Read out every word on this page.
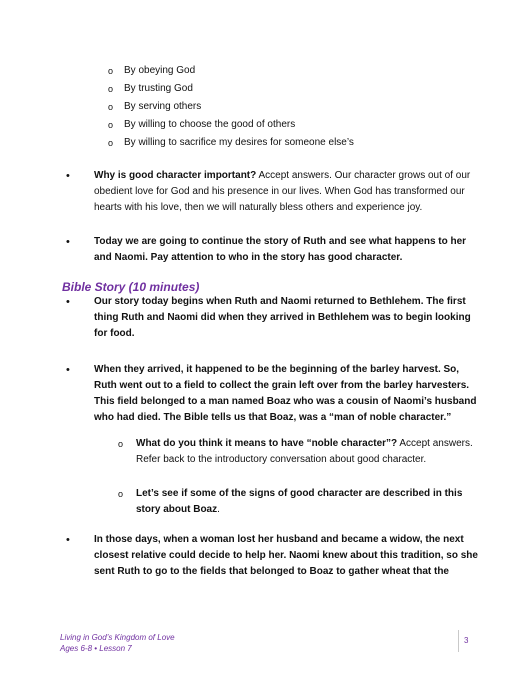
o	By obeying God
o	By trusting God
o	By serving others
o	By willing to choose the good of others
o	By willing to sacrifice my desires for someone else’s
•	Why is good character important? Accept answers. Our character grows out of our obedient love for God and his presence in our lives. When God has transformed our hearts with his love, then we will naturally bless others and experience joy.
•	Today we are going to continue the story of Ruth and see what happens to her and Naomi. Pay attention to who in the story has good character.
Bible Story (10 minutes)
•	Our story today begins when Ruth and Naomi returned to Bethlehem. The first thing Ruth and Naomi did when they arrived in Bethlehem was to begin looking for food.
•	When they arrived, it happened to be the beginning of the barley harvest. So, Ruth went out to a field to collect the grain left over from the barley harvesters. This field belonged to a man named Boaz who was a cousin of Naomi’s husband who had died. The Bible tells us that Boaz, was a “man of noble character.”
o	What do you think it means to have “noble character”? Accept answers. Refer back to the introductory conversation about good character.
o	Let’s see if some of the signs of good character are described in this story about Boaz.
•	In those days, when a woman lost her husband and became a widow, the next closest relative could decide to help her. Naomi knew about this tradition, so she sent Ruth to go to the fields that belonged to Boaz to gather wheat that the
Living in God’s Kingdom of Love
Ages 6-8 • Lesson 7
3
